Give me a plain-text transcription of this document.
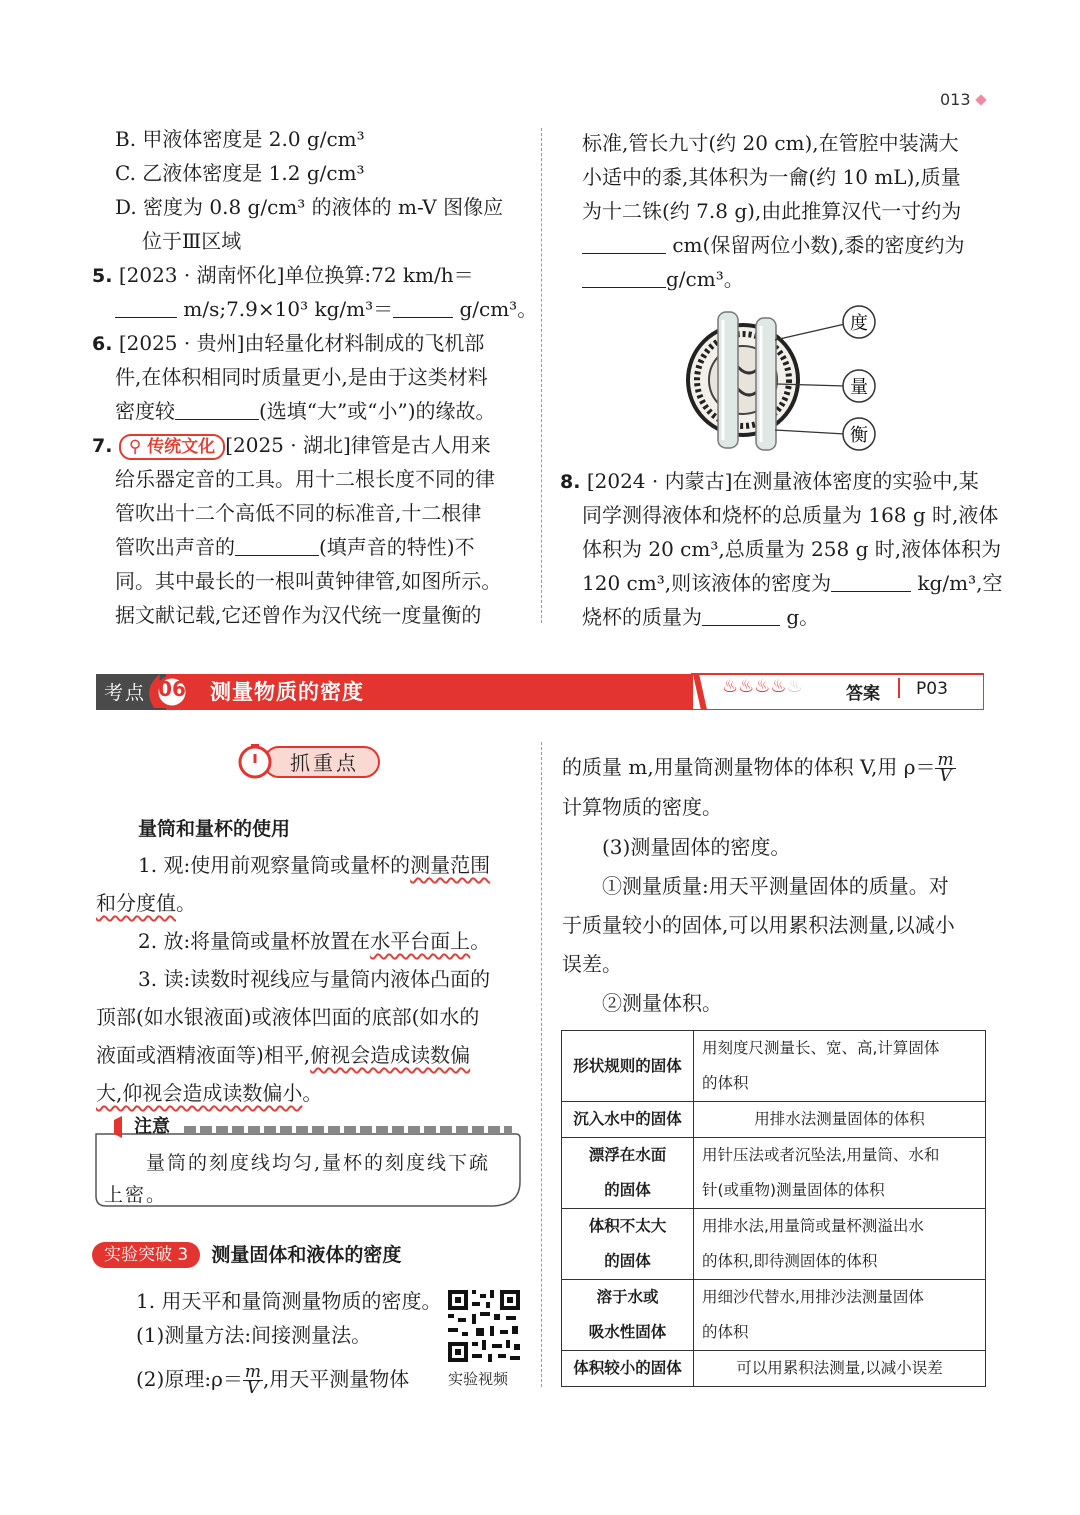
013
B. 甲液体密度是 2.0 g/cm³
C. 乙液体密度是 1.2 g/cm³
D. 密度为 0.8 g/cm³ 的液体的 m-V 图像应
位于Ⅲ区域
5. [2023 · 湖南怀化]单位换算:72 km/h＝
m/s;7.9×10³ kg/m³＝	g/cm³。
6. [2025 · 贵州]由轻量化材料制成的飞机部
件,在体积相同时质量更小,是由于这类材料
密度较	(选填“大”或“小”)的缘故。
7. ⚲ 传统文化 [2025 · 湖北]律管是古人用来
给乐器定音的工具。用十二根长度不同的律
管吹出十二个高低不同的标准音,十二根律
管吹出声音的	(填声音的特性)不
同。其中最长的一根叫黄钟律管,如图所示。
据文献记载,它还曾作为汉代统一度量衡的
标准,管长九寸(约 20 cm),在管腔中装满大
小适中的黍,其体积为一龠(约 10 mL),质量
为十二铢(约 7.8 g),由此推算汉代一寸约为
cm(保留两位小数),黍的密度约为
g/cm³。
度
量
衡
8. [2024 · 内蒙古]在测量液体密度的实验中,某
同学测得液体和烧杯的总质量为 168 g 时,液体
体积为 20 cm³,总质量为 258 g 时,液体体积为
120 cm³,则该液体的密度为	kg/m³,空
烧杯的质量为	g。
考点 06 测量物质的密度	♨♨♨♨♨	答案 P03
抓重点
量筒和量杯的使用
1. 观:使用前观察量筒或量杯的测量范围
和分度值。
2. 放:将量筒或量杯放置在水平台面上。
3. 读:读数时视线应与量筒内液体凸面的
顶部(如水银液面)或液体凹面的底部(如水的
液面或酒精液面等)相平,俯视会造成读数偏
大,仰视会造成读数偏小。
注意
量筒的刻度线均匀,量杯的刻度线下疏
上密。
实验突破 3 测量固体和液体的密度
1. 用天平和量筒测量物质的密度。
(1)测量方法:间接测量法。
(2)原理:ρ＝ $\frac{m}{V}$ ,用天平测量物体	实验视频
的质量 m,用量筒测量物体的体积 V,用 $\rho= \frac{m}{V}$
计算物质的密度。
(3)测量固体的密度。
①测量质量:用天平测量固体的质量。对
于质量较小的固体,可以用累积法测量,以减小
误差。
②测量体积。
形状规则的固体	用刻度尺测量长、宽、高,计算固体
的体积
沉入水中的固体	用排水法测量固体的体积
漂浮在水面
的固体	用针压法或者沉坠法,用量筒、水和
针(或重物)测量固体的体积
体积不太大
的固体	用排水法,用量筒或量杯测溢出水
的体积,即待测固体的体积
溶于水或
吸水性固体	用细沙代替水,用排沙法测量固体
的体积
体积较小的固体	可以用累积法测量,以减小误差
